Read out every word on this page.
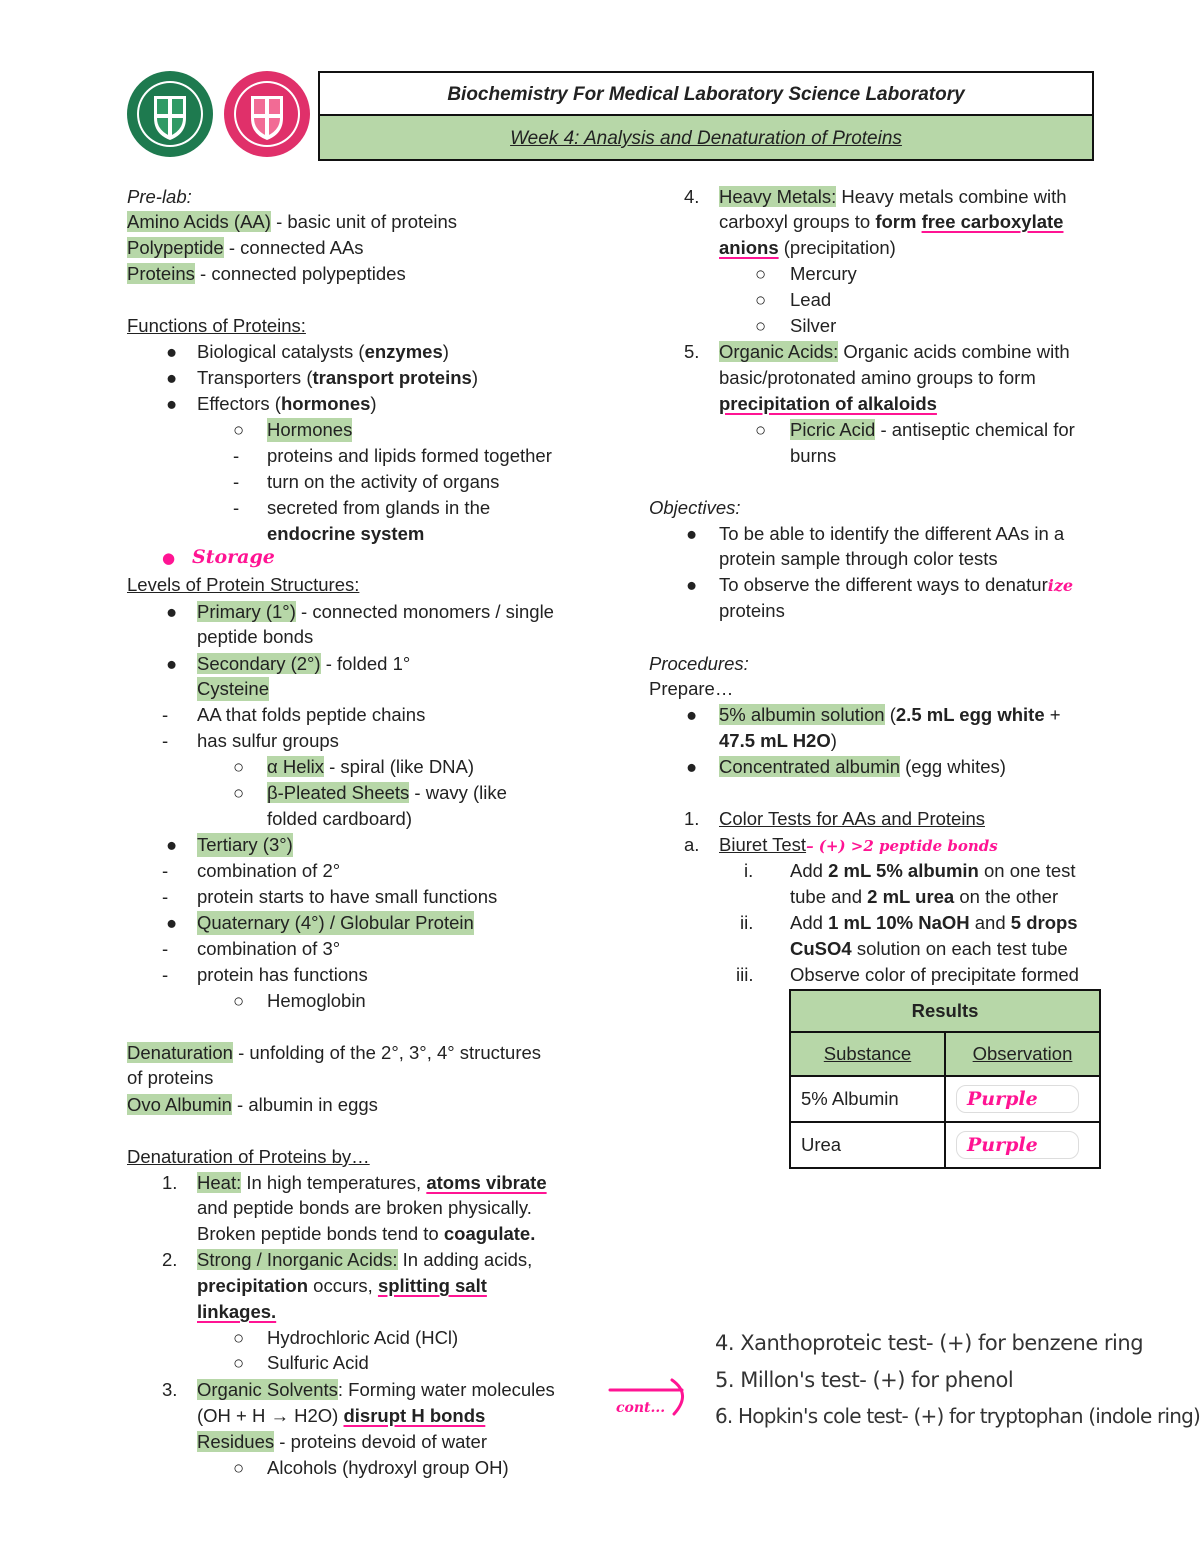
Biochemistry For Medical Laboratory Science Laboratory
Week 4: Analysis and Denaturation of Proteins
Pre-lab:
Amino Acids (AA) - basic unit of proteins
Polypeptide - connected AAs
Proteins - connected polypeptides
Functions of Proteins:
● Biological catalysts (enzymes)
● Transporters (transport proteins)
● Effectors (hormones)
○ Hormones
- proteins and lipids formed together
- turn on the activity of organs
- secreted from glands in the
endocrine system
● Storage
Levels of Protein Structures:
● Primary (1°) - connected monomers / single
peptide bonds
● Secondary (2°) - folded 1°
Cysteine
- AA that folds peptide chains
- has sulfur groups
○ α Helix - spiral (like DNA)
○ β-Pleated Sheets - wavy (like
folded cardboard)
● Tertiary (3°)
- combination of 2°
- protein starts to have small functions
● Quaternary (4°) / Globular Protein
- combination of 3°
- protein has functions
○ Hemoglobin
Denaturation - unfolding of the 2°, 3°, 4° structures
of proteins
Ovo Albumin - albumin in eggs
Denaturation of Proteins by…
1. Heat: In high temperatures, atoms vibrate
and peptide bonds are broken physically.
Broken peptide bonds tend to coagulate.
2. Strong / Inorganic Acids: In adding acids,
precipitation occurs, splitting salt
linkages.
○ Hydrochloric Acid (HCl)
○ Sulfuric Acid
3. Organic Solvents: Forming water molecules
(OH + H → H2O) disrupt H bonds
Residues - proteins devoid of water
○ Alcohols (hydroxyl group OH)
4. Heavy Metals: Heavy metals combine with
carboxyl groups to form free carboxylate
anions (precipitation)
○ Mercury
○ Lead
○ Silver
5. Organic Acids: Organic acids combine with
basic/protonated amino groups to form
precipitation of alkaloids
○ Picric Acid - antiseptic chemical for
burns
Objectives:
● To be able to identify the different AAs in a
protein sample through color tests
● To observe the different ways to denaturize
proteins
Procedures:
Prepare…
● 5% albumin solution (2.5 mL egg white +
47.5 mL H2O)
● Concentrated albumin (egg whites)
1. Color Tests for AAs and Proteins
a. Biuret Test– (+) >2 peptide bonds
i. Add 2 mL 5% albumin on one test
tube and 2 mL urea on the other
ii. Add 1 mL 10% NaOH and 5 drops
CuSO4 solution on each test tube
iii. Observe color of precipitate formed
Results	
Substance	Observation
5% Albumin	Purple
Urea	Purple
cont...
4. Xanthoproteic test- (+) for benzene ring
5. Millon's test- (+) for phenol
6. Hopkin's cole test- (+) for tryptophan (indole ring)
